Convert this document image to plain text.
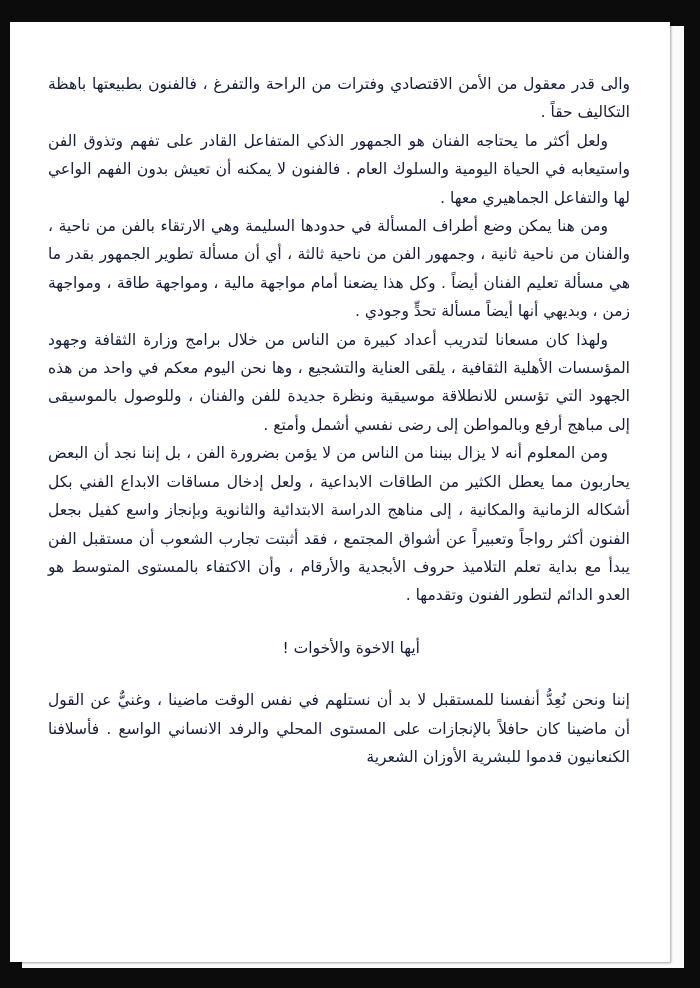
والى قدر معقول من الأمن الاقتصادي وفترات من الراحة والتفرغ ، فالفنون بطبيعتها باهظة التكاليف حقاً .

ولعل أكثر ما يحتاجه الفنان هو الجمهور الذكي المتفاعل القادر على تفهم وتذوق الفن واستيعابه في الحياة اليومية والسلوك العام . فالفنون لا يمكنه أن تعيش بدون الفهم الواعي لها والتفاعل الجماهيري معها .

ومن هنا يمكن وضع أطراف المسألة في حدودها السليمة وهي الارتقاء بالفن من ناحية ، والفنان من ناحية ثانية ، وجمهور الفن من ناحية ثالثة ، أي أن مسألة تطوير الجمهور بقدر ما هي مسألة تعليم الفنان أيضاً . وكل هذا يضعنا أمام مواجهة مالية ، ومواجهة طاقة ، ومواجهة زمن ، وبديهي أنها أيضاً مسألة تحدٍّ وجودي .

ولهذا كان مسعانا لتدريب أعداد كبيرة من الناس من خلال برامج وزارة الثقافة وجهود المؤسسات الأهلية الثقافية ، يلقى العناية والتشجيع ، وها نحن اليوم معكم في واحد من هذه الجهود التي تؤسس للانطلاقة موسيقية ونظرة جديدة للفن والفنان ، وللوصول بالموسيقى إلى مباهج أرفع وبالمواطن إلى رضى نفسي أشمل وأمتع .

ومن المعلوم أنه لا يزال بيننا من الناس من لا يؤمن بضرورة الفن ، بل إننا نجد أن البعض يحاربون مما يعطل الكثير من الطاقات الابداعية ، ولعل إدخال مساقات الابداع الفني بكل أشكاله الزمانية والمكانية ، إلى مناهج الدراسة الابتدائية والثانوية وبإنجاز واسع كفيل بجعل الفنون أكثر رواجاً وتعبيراً عن أشواق المجتمع ، فقد أثبتت تجارب الشعوب أن مستقبل الفن يبدأ مع بداية تعلم التلاميذ حروف الأبجدية والأرقام ، وأن الاكتفاء بالمستوى المتوسط هو العدو الدائم لتطور الفنون وتقدمها .

أيها الاخوة والأخوات !

إننا ونحن نُعِدُّ أنفسنا للمستقبل لا بد أن نستلهم في نفس الوقت ماضينا ، وغنيٌّ عن القول أن ماضينا كان حافلاً بالإنجازات على المستوى المحلي والرفد الانساني الواسع . فأسلافنا الكنعانيون قدموا للبشرية الأوزان الشعرية
